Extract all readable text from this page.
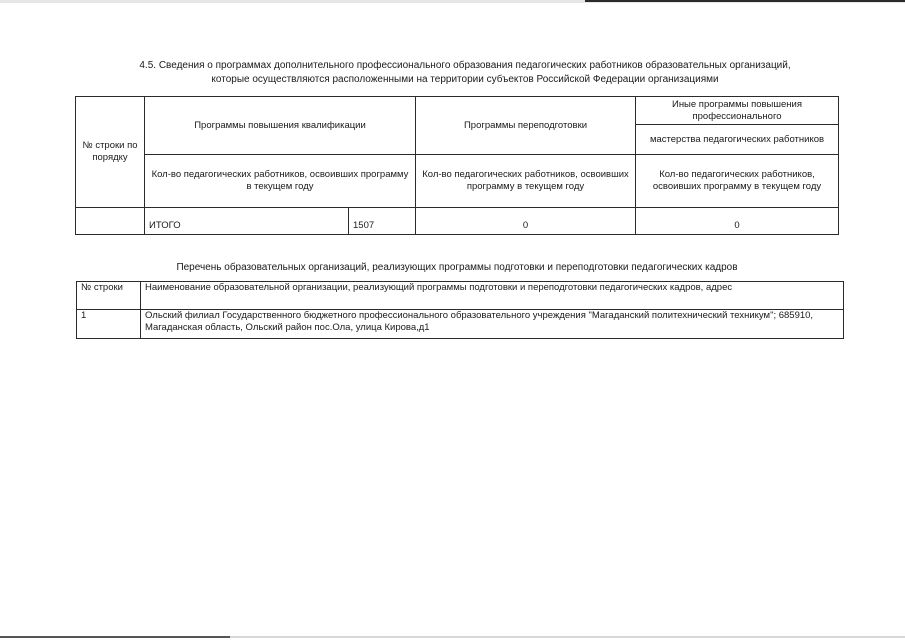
4.5. Сведения о программах дополнительного профессионального образования педагогических работников образовательных организаций,
которые осуществляются расположенными на территории субъектов Российской Федерации организациями
№ строки по порядку	Программы повышения квалификации		Программы переподготовки	Иные программы повышения профессионального
				мастерства педагогических работников
	Кол-во педагогических работников, освоивших программу в текущем году		Кол-во педагогических работников, освоивших программу в текущем году	Кол-во педагогических работников, освоивших программу в текущем году
	ИТОГО	1507	0	0
Перечень образовательных организаций, реализующих программы подготовки и переподготовки педагогических кадров
№ строки	Наименование образовательной организации, реализующий программы подготовки и переподготовки педагогических кадров, адрес
1	Ольский филиал Государственного бюджетного профессионального образовательного учреждения "Магаданский политехнический техникум"; 685910, Магаданская область, Ольский район пос.Ола, улица Кирова,д1
